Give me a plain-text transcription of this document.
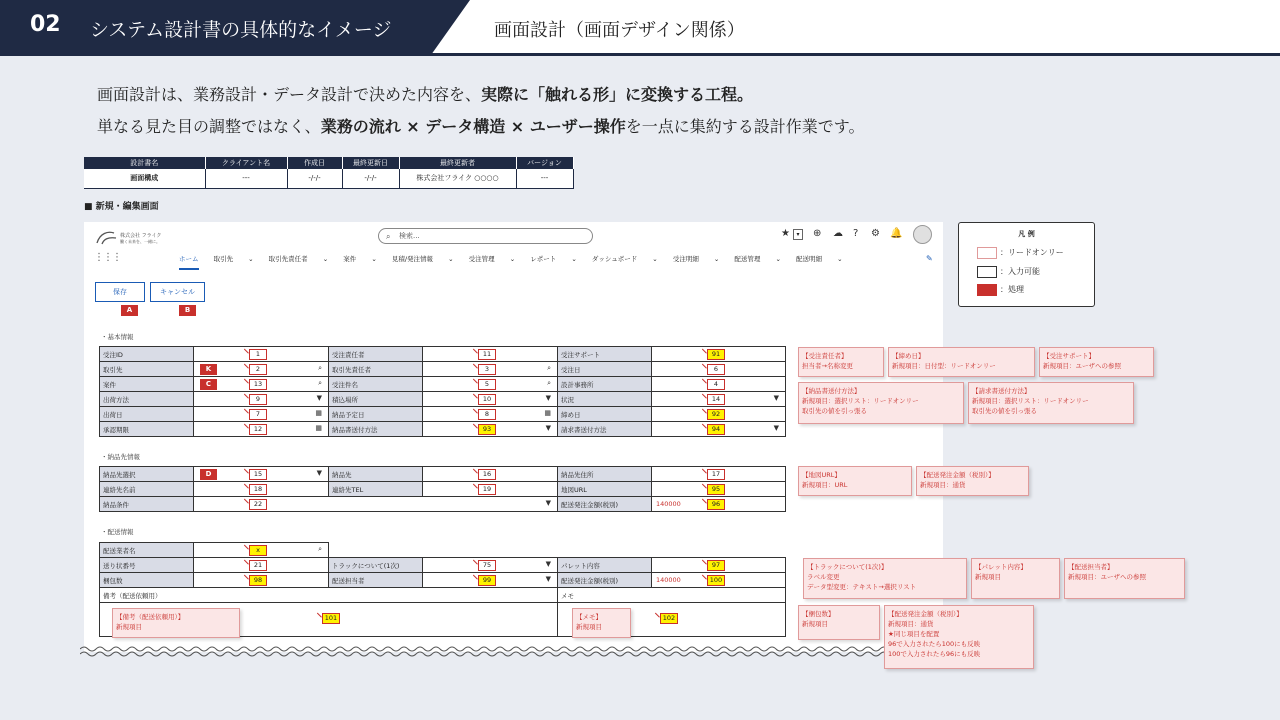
02 システム設計書の具体的なイメージ	画面設計（画面デザイン関係）
画面設計は、業務設計・データ設計で決めた内容を、実際に「触れる形」に変換する工程。
単なる見た目の調整ではなく、業務の流れ × データ構造 × ユーザー操作を一点に集約する設計作業です。
設計書名	クライアント名	作成日	最終更新日	最終更新者	バージョン
画面構成	---	-/-/-	-/-/-	株式会社フライク ○○○○	---
■ 新規・編集画面
株式会社 フライク
働く未来を、一緒に。
⌕ 検索...	★	▾	⊕ ☁ ? ⚙ 🔔
⋮⋮⋮	ホーム 取引先 ⌄ 取引先責任者 ⌄ 案件 ⌄ 見積/発注情報 ⌄ 受注管理 ⌄ レポート ⌄ ダッシュボード ⌄ 受注明細 ⌄ 配送管理 ⌄ 配送明細 ⌄	✎
保存	キャンセル
A	B
・基本情報
受注ID	1	受注責任者	11	受注サポート	91

取引先	K 2 ⌕	取引先責任者	3 ⌕	受注日	6

案件	C 13 ⌕	受注件名	5 ⌕	設計事務所	4

出荷方法	9 ▼	積込場所	10 ▼	状況	14 ▼

出荷日	7 ▦	納品予定日	8 ▦	締め日	92

承認期限	12 ▦	納品書送付方法	93 ▼	請求書送付方法	94 ▼
・納品先情報
納品先選択	D 15 ▼	納品先	16	納品先住所	17

連絡先名前	18	連絡先TEL	19	地図URL	95

納品条件	22 ▼			配送発注金額(税別)	140000 96
・配送情報
配送業者名	x ⌕				

送り状番号	21	トラックについて(1次)	75 ▼	パレット内容	97

梱包数	98	配送担当者	99 ▼	配送発注金額(税別)	140000 100

備考（配送依頼用）				メモ	

【備考（配送依頼用）】
新規項目
101				【メモ】
新規項目
102	
【受注責任者】
担当者→名称変更
【締め日】
新規項目：日付型：リードオンリー
【受注サポート】
新規項目：ユーザへの参照
【納品書送付方法】
新規項目：選択リスト：リードオンリー
取引先の値を引っ張る
【請求書送付方法】
新規項目：選択リスト：リードオンリー
取引先の値を引っ張る
【地図URL】
新規項目：URL
【配送発注金額（税別）】
新規項目：通貨
【トラックについて(1次)】
ラベル変更
データ型変更：テキスト→選択リスト
【パレット内容】
新規項目
【配送担当者】
新規項目：ユーザへの参照
【梱包数】
新規項目
【配送発注金額（税別）】
新規項目：通貨
★同じ項目を配置
96で入力されたら100にも反映
100で入力されたら96にも反映
凡 例
：リードオンリー
：入力可能
：処理
